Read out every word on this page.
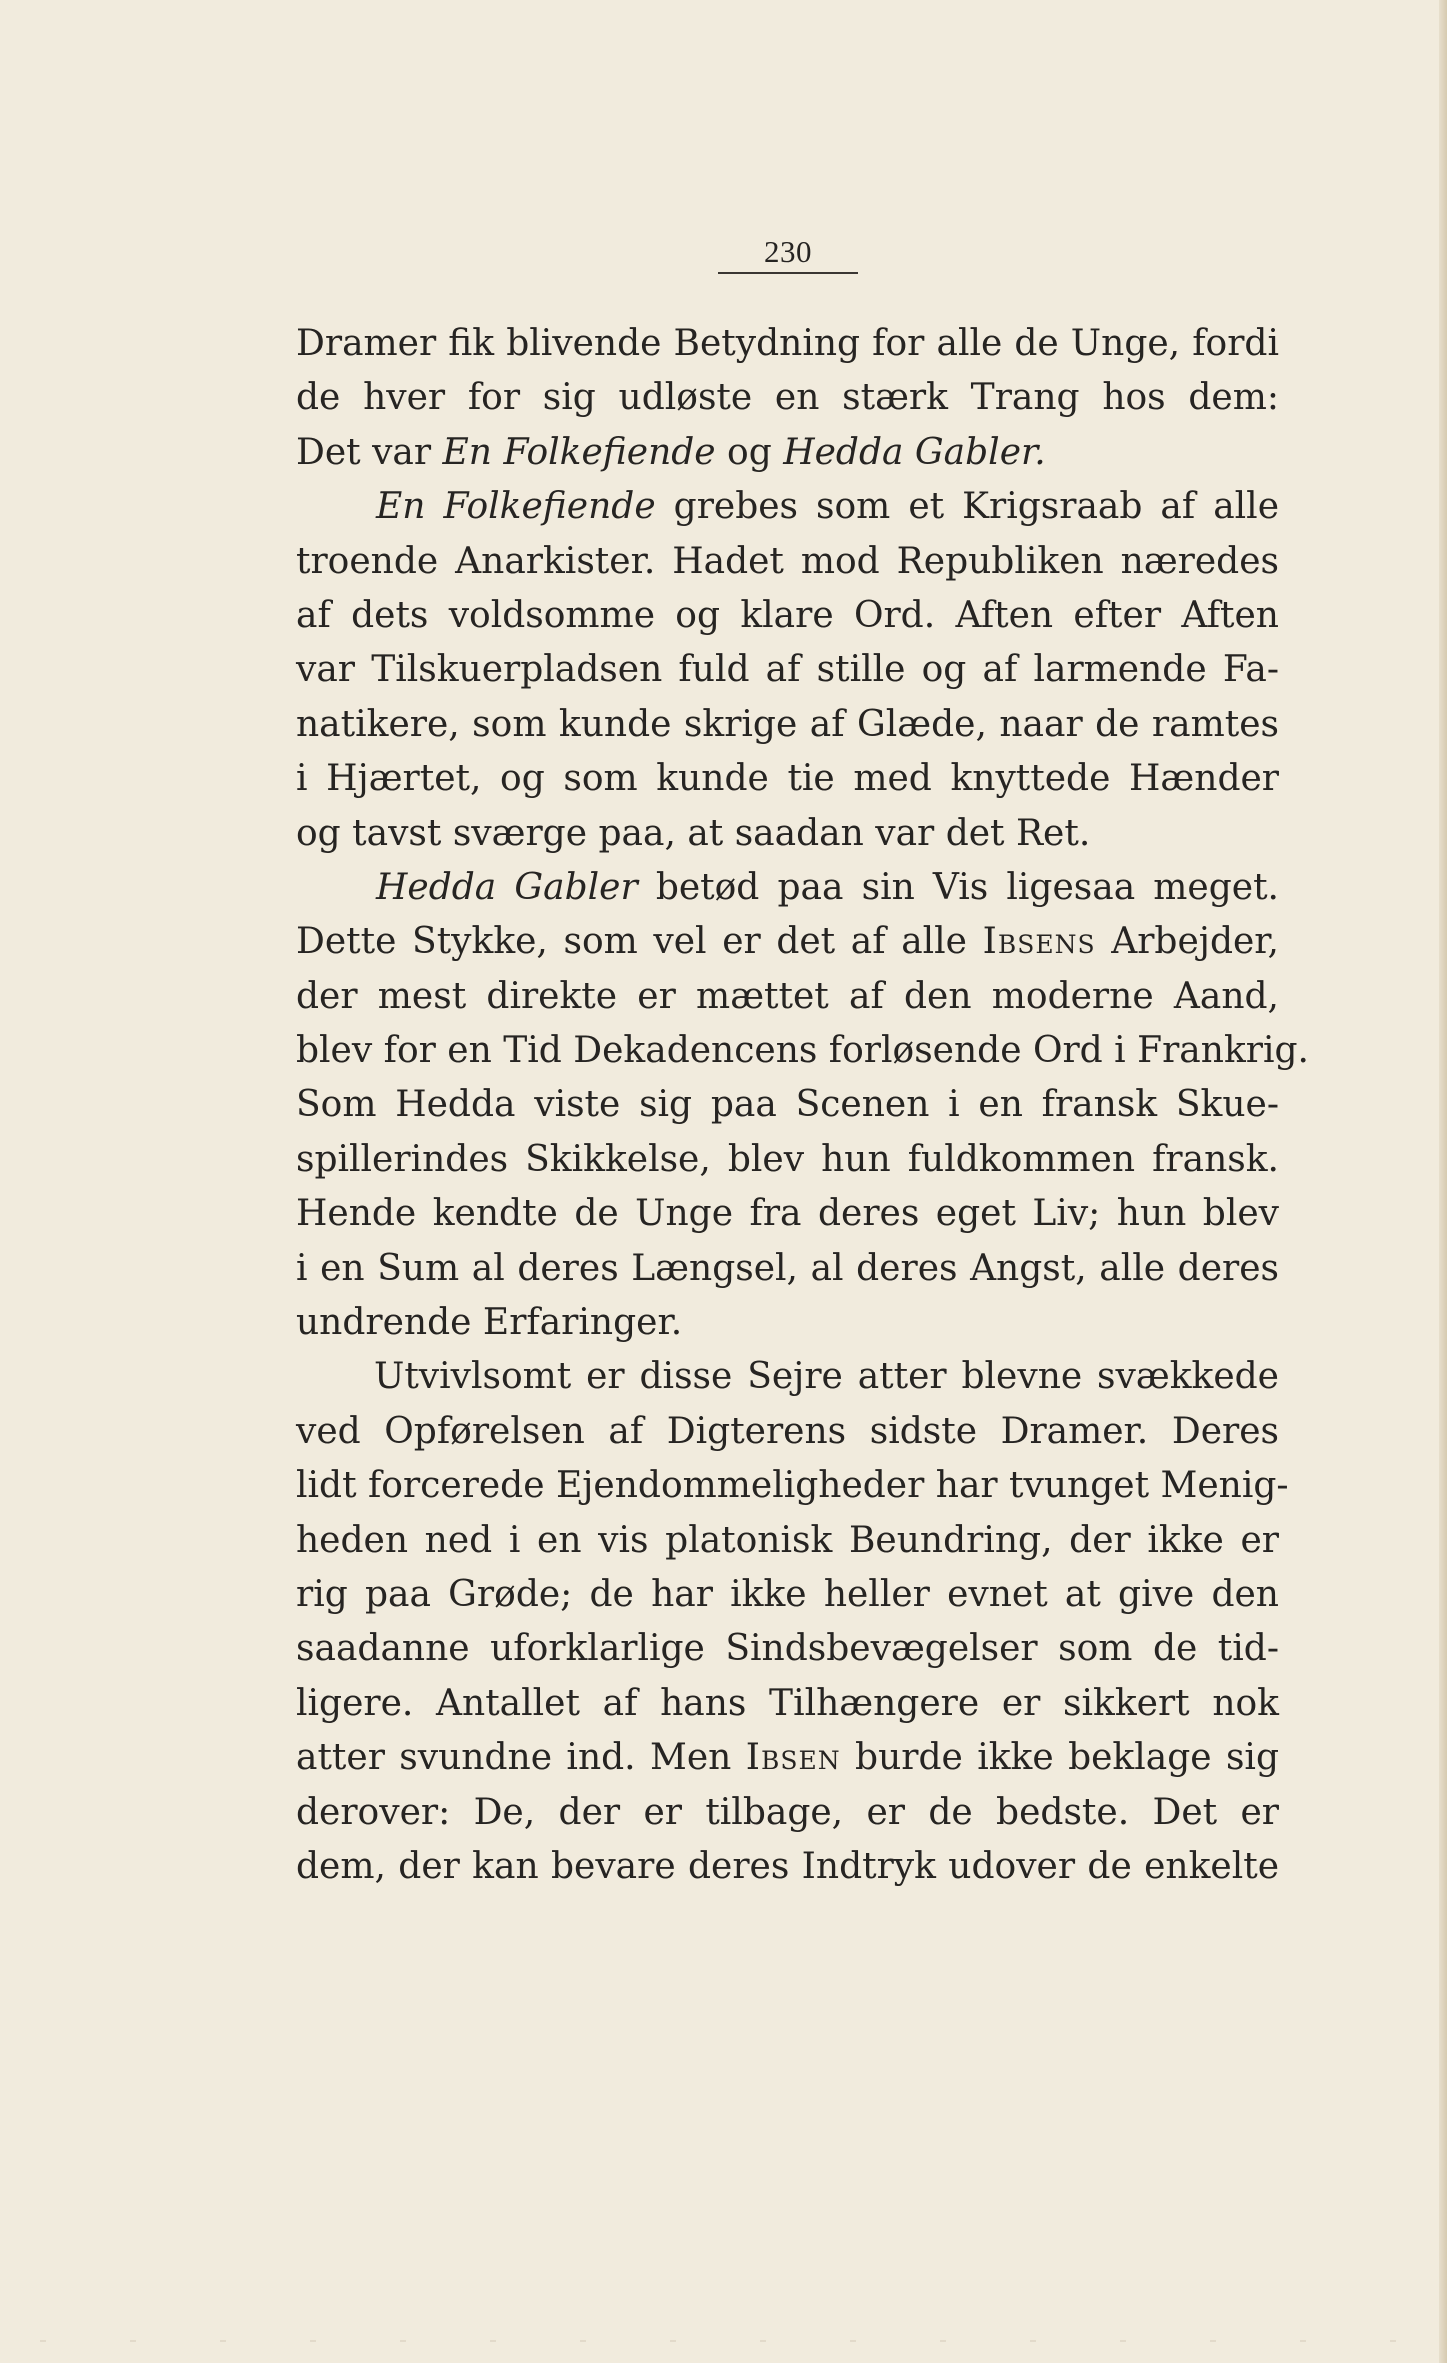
230
Dramer fik blivende Betydning for alle de Unge, fordi
de hver for sig udløste en stærk Trang hos dem:
Det var En Folkefiende og Hedda Gabler.
En Folkefiende grebes som et Krigsraab af alle
troende Anarkister. Hadet mod Republiken næredes
af dets voldsomme og klare Ord. Aften efter Aften
var Tilskuerpladsen fuld af stille og af larmende Fa-
natikere, som kunde skrige af Glæde, naar de ramtes
i Hjærtet, og som kunde tie med knyttede Hænder
og tavst sværge paa, at saadan var det Ret.
Hedda Gabler betød paa sin Vis ligesaa meget.
Dette Stykke, som vel er det af alle Ibsens Arbejder,
der mest direkte er mættet af den moderne Aand,
blev for en Tid Dekadencens forløsende Ord i Frankrig.
Som Hedda viste sig paa Scenen i en fransk Skue-
spillerindes Skikkelse, blev hun fuldkommen fransk.
Hende kendte de Unge fra deres eget Liv; hun blev
i en Sum al deres Længsel, al deres Angst, alle deres
undrende Erfaringer.
Utvivlsomt er disse Sejre atter blevne svækkede
ved Opførelsen af Digterens sidste Dramer. Deres
lidt forcerede Ejendommeligheder har tvunget Menig-
heden ned i en vis platonisk Beundring, der ikke er
rig paa Grøde; de har ikke heller evnet at give den
saadanne uforklarlige Sindsbevægelser som de tid-
ligere. Antallet af hans Tilhængere er sikkert nok
atter svundne ind. Men Ibsen burde ikke beklage sig
derover: De, der er tilbage, er de bedste. Det er
dem, der kan bevare deres Indtryk udover de enkelte
